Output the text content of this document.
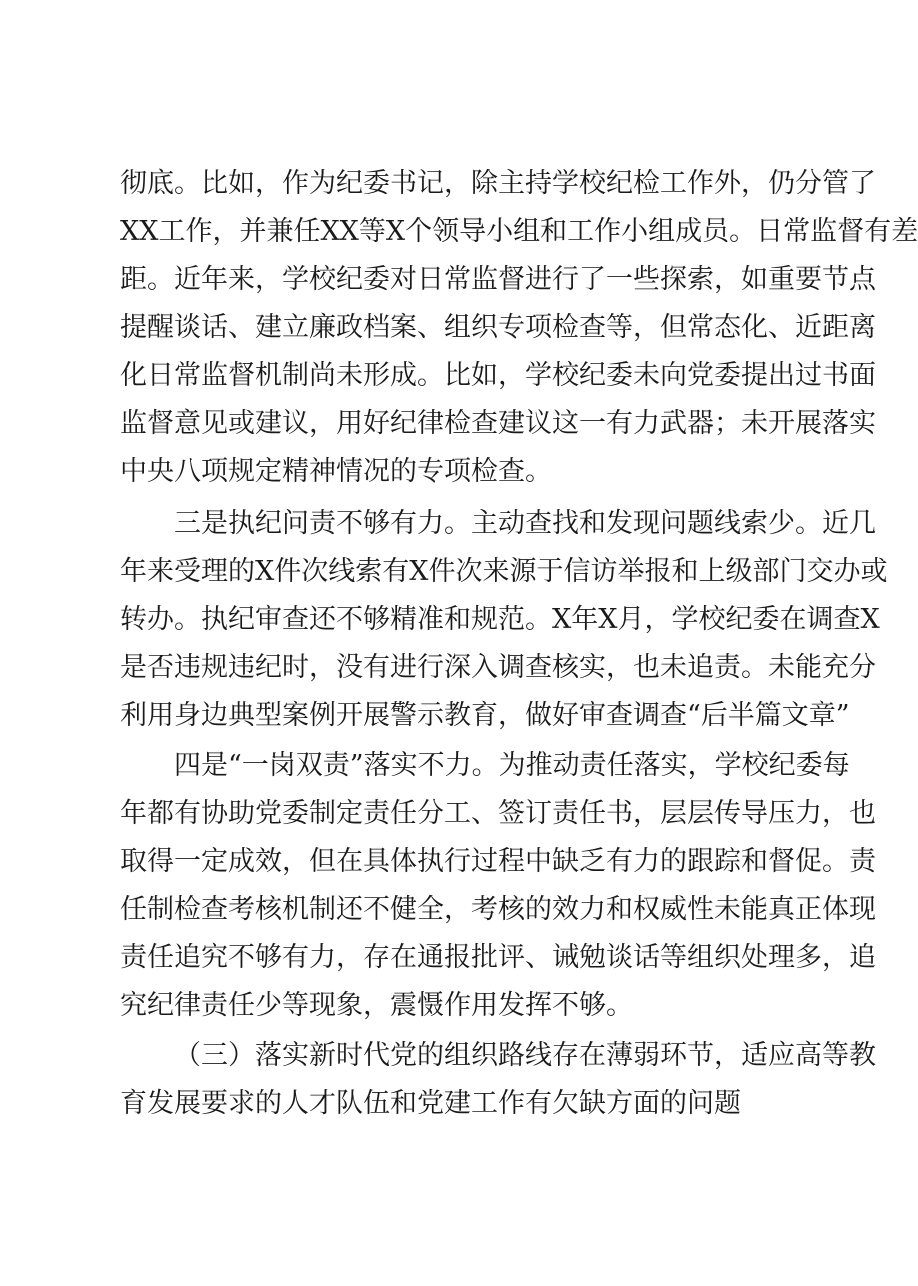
彻底。比如，作为纪委书记，除主持学校纪检工作外，仍分管了
XX工作，并兼任XX等X个领导小组和工作小组成员。日常监督有差
距。近年来，学校纪委对日常监督进行了一些探索，如重要节点
提醒谈话、建立廉政档案、组织专项检查等，但常态化、近距离
化日常监督机制尚未形成。比如，学校纪委未向党委提出过书面
监督意见或建议，用好纪律检查建议这一有力武器；未开展落实
中央八项规定精神情况的专项检查。
三是执纪问责不够有力。主动查找和发现问题线索少。近几
年来受理的X件次线索有X件次来源于信访举报和上级部门交办或
转办。执纪审查还不够精准和规范。X年X月，学校纪委在调查X
是否违规违纪时，没有进行深入调查核实，也未追责。未能充分
利用身边典型案例开展警示教育，做好审查调查“后半篇文章”
四是“一岗双责”落实不力。为推动责任落实，学校纪委每
年都有协助党委制定责任分工、签订责任书，层层传导压力，也
取得一定成效，但在具体执行过程中缺乏有力的跟踪和督促。责
任制检查考核机制还不健全，考核的效力和权威性未能真正体现
责任追究不够有力，存在通报批评、诫勉谈话等组织处理多，追
究纪律责任少等现象，震慑作用发挥不够。
（三）落实新时代党的组织路线存在薄弱环节，适应高等教
育发展要求的人才队伍和党建工作有欠缺方面的问题
